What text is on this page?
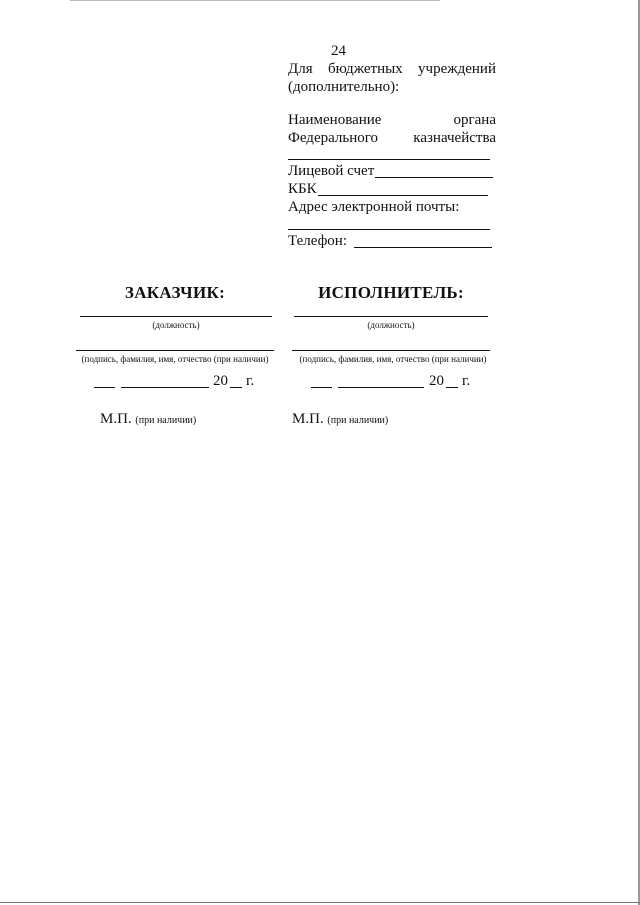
24
Для бюджетных учреждений
(дополнительно):
Наименование	органа
Федерального казначейства
Лицевой счет
КБК
Адрес электронной почты:
Телефон:
ЗАКАЗЧИК:
(должность)
(подпись, фамилия, имя, отчество (при наличии)
20 г.
М.П. (при наличии)
ИСПОЛНИТЕЛЬ:
(должность)
(подпись, фамилия, имя, отчество (при наличии)
20 г.
М.П. (при наличии)
